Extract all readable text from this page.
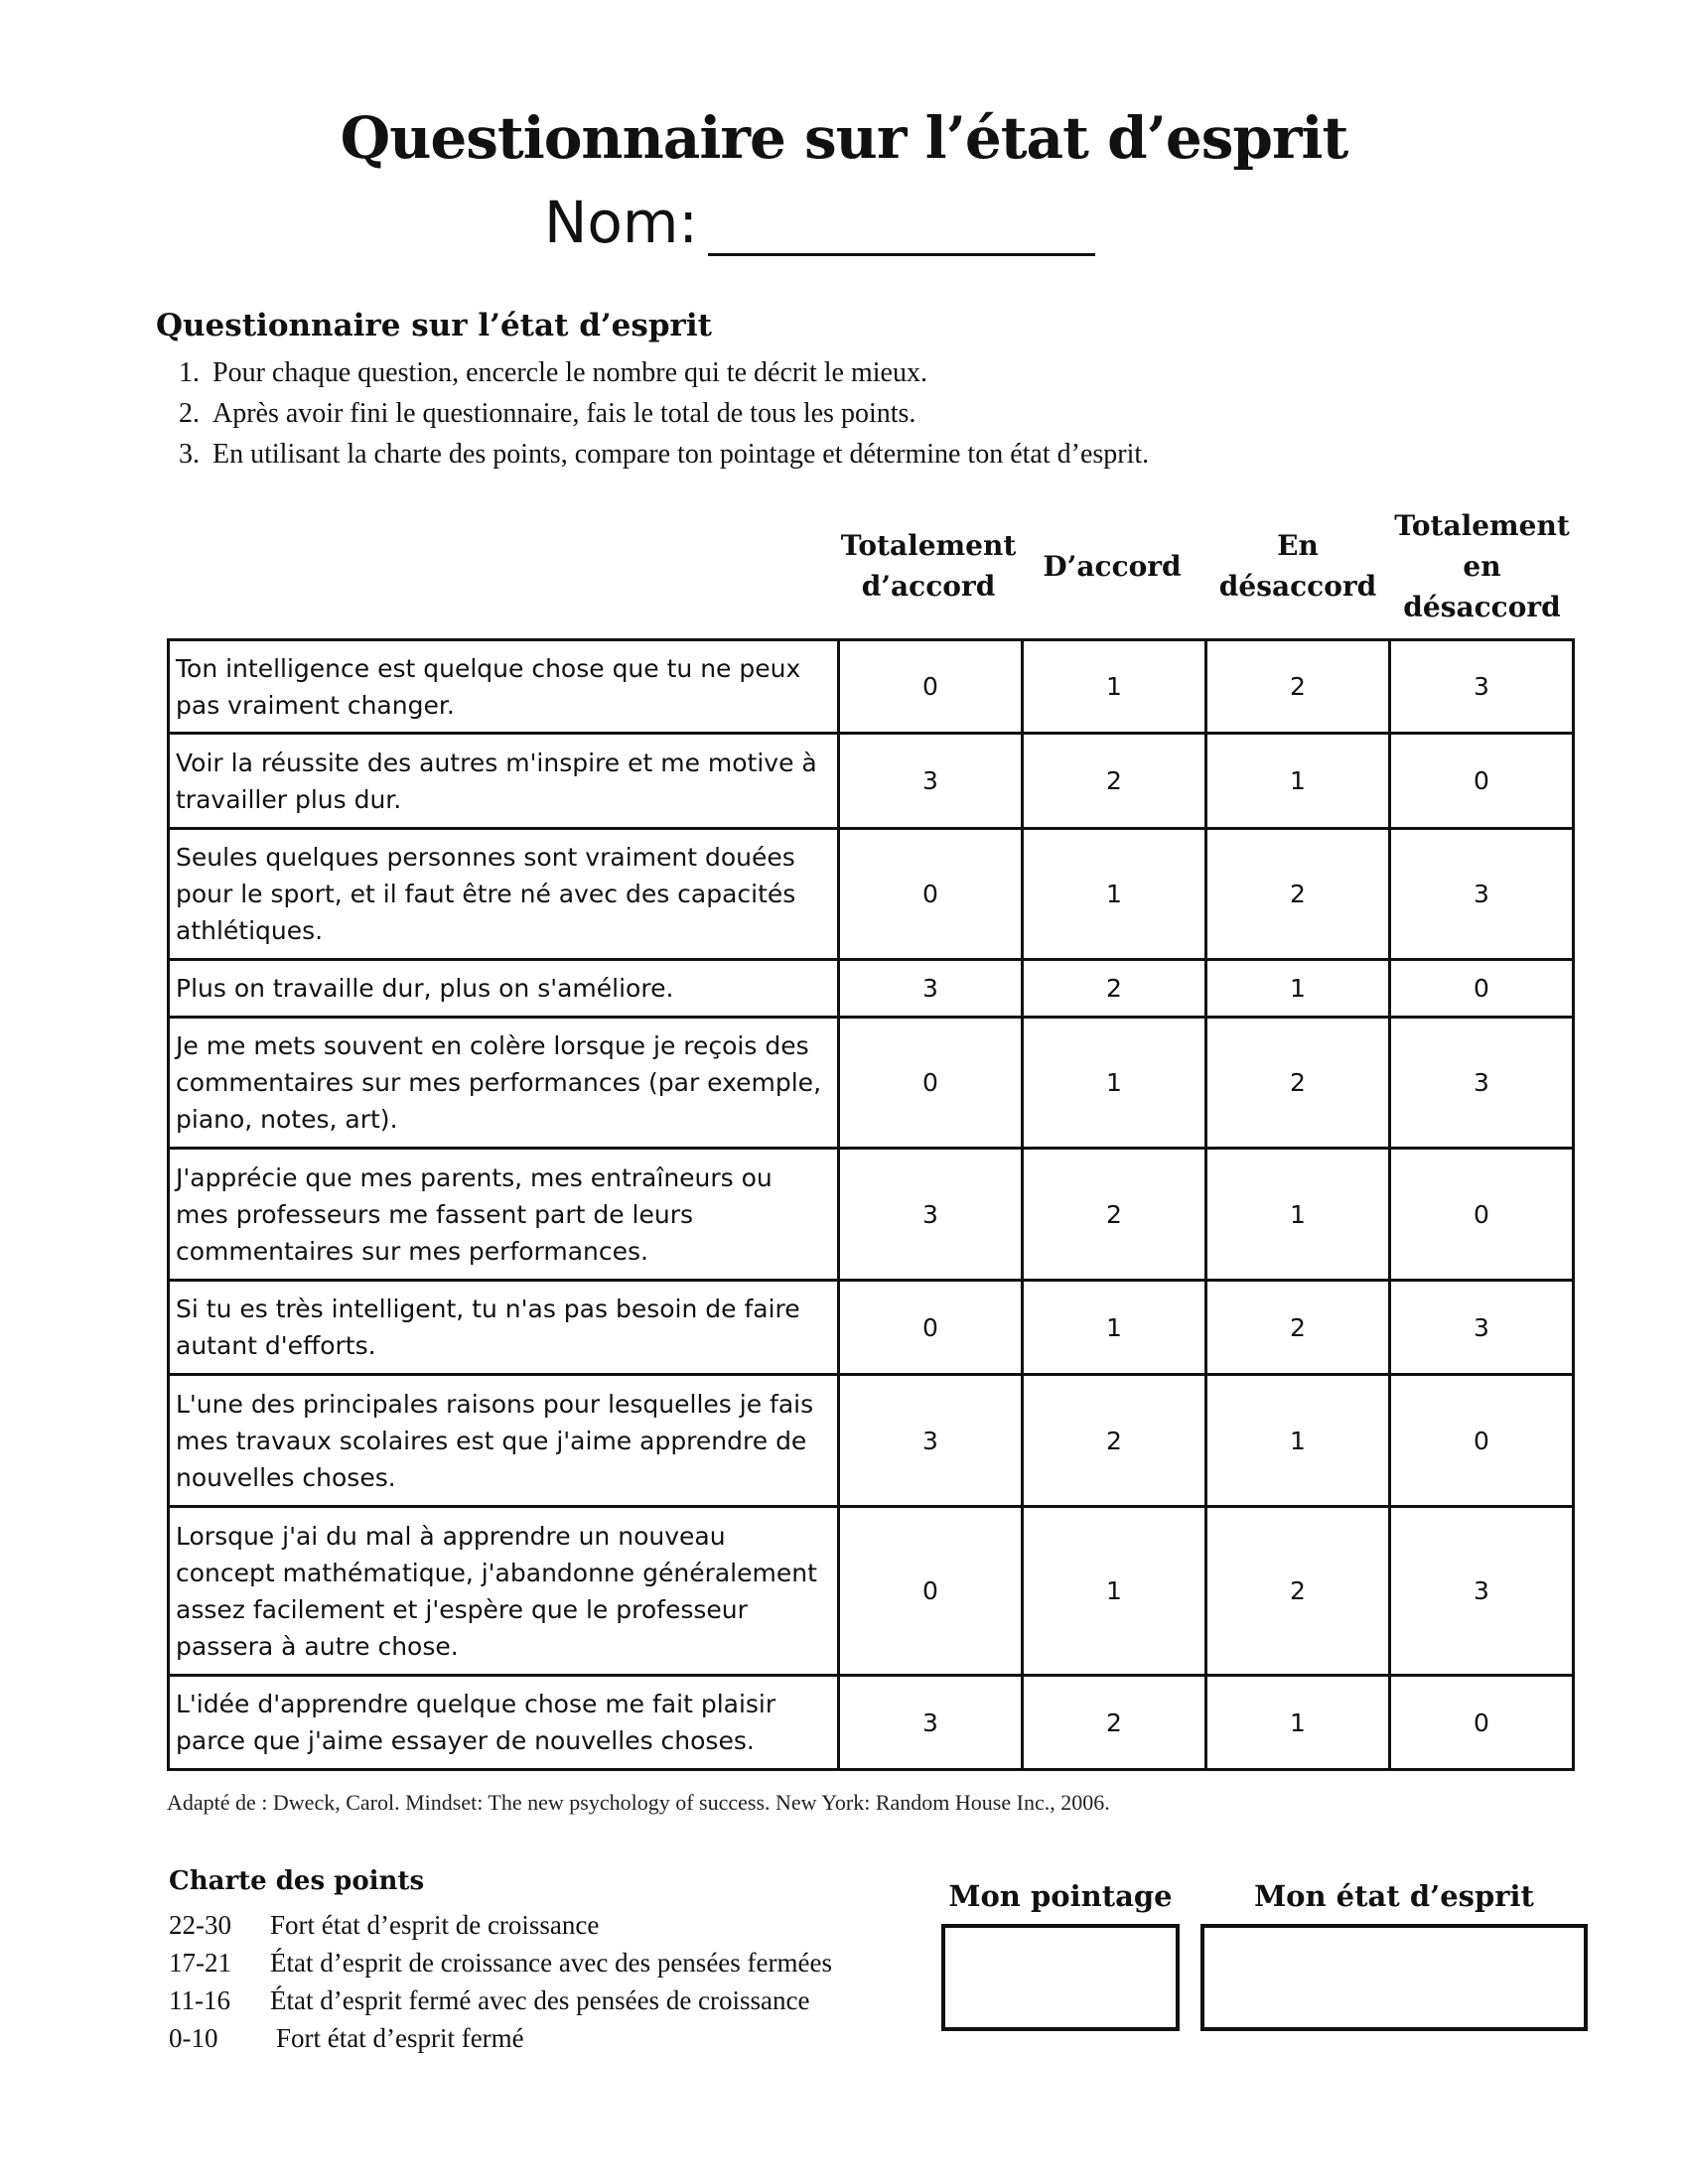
Questionnaire sur l’état d’esprit
Nom:
Questionnaire sur l’état d’esprit
1. Pour chaque question, encercle le nombre qui te décrit le mieux.
2. Après avoir fini le questionnaire, fais le total de tous les points.
3. En utilisant la charte des points, compare ton pointage et détermine ton état d’esprit.
Totalement d’accord
D’accord
En désaccord
Totalement en désaccord
Ton intelligence est quelque chose que tu ne peux pas vraiment changer.	0	1	2	3
Voir la réussite des autres m'inspire et me motive à travailler plus dur.	3	2	1	0
Seules quelques personnes sont vraiment douées pour le sport, et il faut être né avec des capacités athlétiques.	0	1	2	3
Plus on travaille dur, plus on s'améliore.	3	2	1	0
Je me mets souvent en colère lorsque je reçois des commentaires sur mes performances (par exemple, piano, notes, art).	0	1	2	3
J'apprécie que mes parents, mes entraîneurs ou mes professeurs me fassent part de leurs commentaires sur mes performances.	3	2	1	0
Si tu es très intelligent, tu n'as pas besoin de faire autant d'efforts.	0	1	2	3
L'une des principales raisons pour lesquelles je fais mes travaux scolaires est que j'aime apprendre de nouvelles choses.	3	2	1	0
Lorsque j'ai du mal à apprendre un nouveau concept mathématique, j'abandonne généralement assez facilement et j'espère que le professeur passera à autre chose.	0	1	2	3
L'idée d'apprendre quelque chose me fait plaisir parce que j'aime essayer de nouvelles choses.	3	2	1	0
Adapté de : Dweck, Carol. Mindset: The new psychology of success. New York: Random House Inc., 2006.
Charte des points
22-30	Fort état d’esprit de croissance
17-21	État d’esprit de croissance avec des pensées fermées
11-16	État d’esprit fermé avec des pensées de croissance
0-10	Fort état d’esprit fermé
Mon pointage	Mon état d’esprit
